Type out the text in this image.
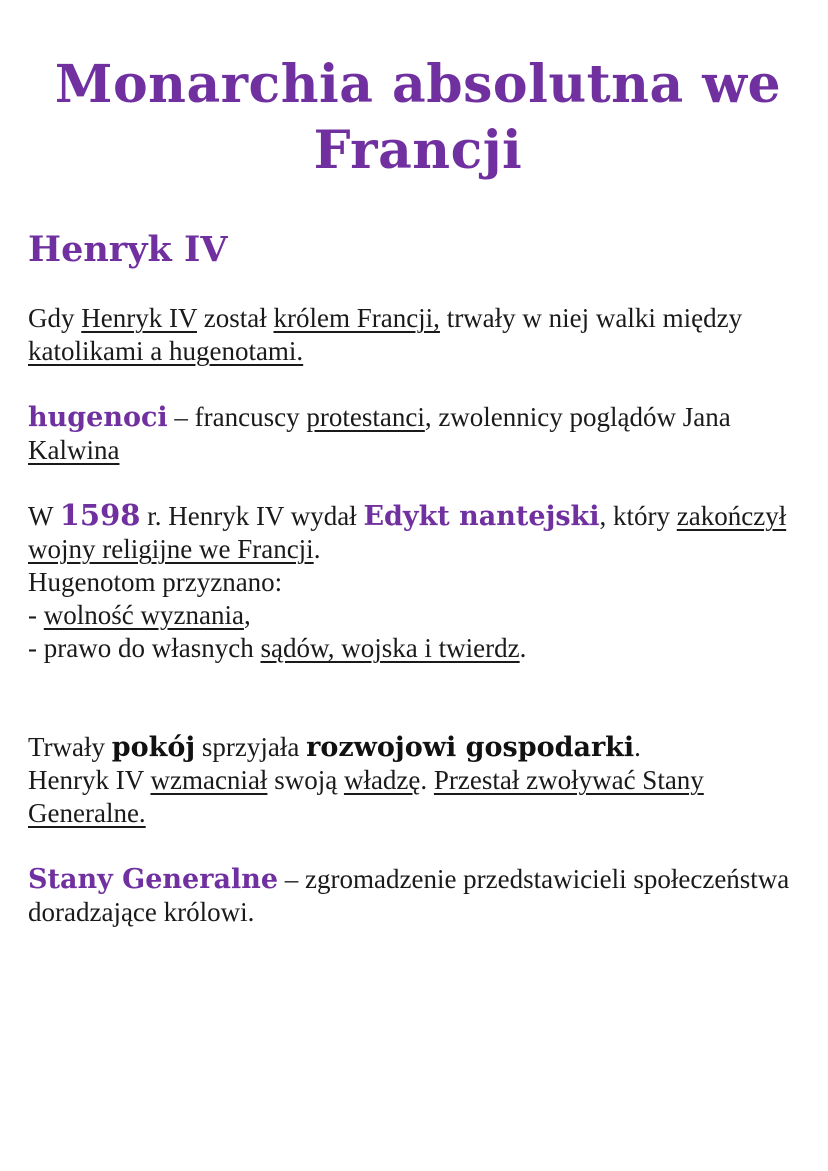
Monarchia absolutna we Francji
Henryk IV

Gdy Henryk IV został królem Francji, trwały w niej walki między katolikami a hugenotami.

hugenoci – francuscy protestanci, zwolennicy poglądów Jana Kalwina

W 1598 r. Henryk IV wydał Edykt nantejski, który zakończył wojny religijne we Francji.
Hugenotom przyznano:
- wolność wyznania,
- prawo do własnych sądów, wojska i twierdz.
Trwały pokój sprzyjała rozwojowi gospodarki.
Henryk IV wzmacniał swoją władzę. Przestał zwoływać Stany Generalne.

Stany Generalne – zgromadzenie przedstawicieli społeczeństwa doradzające królowi.
